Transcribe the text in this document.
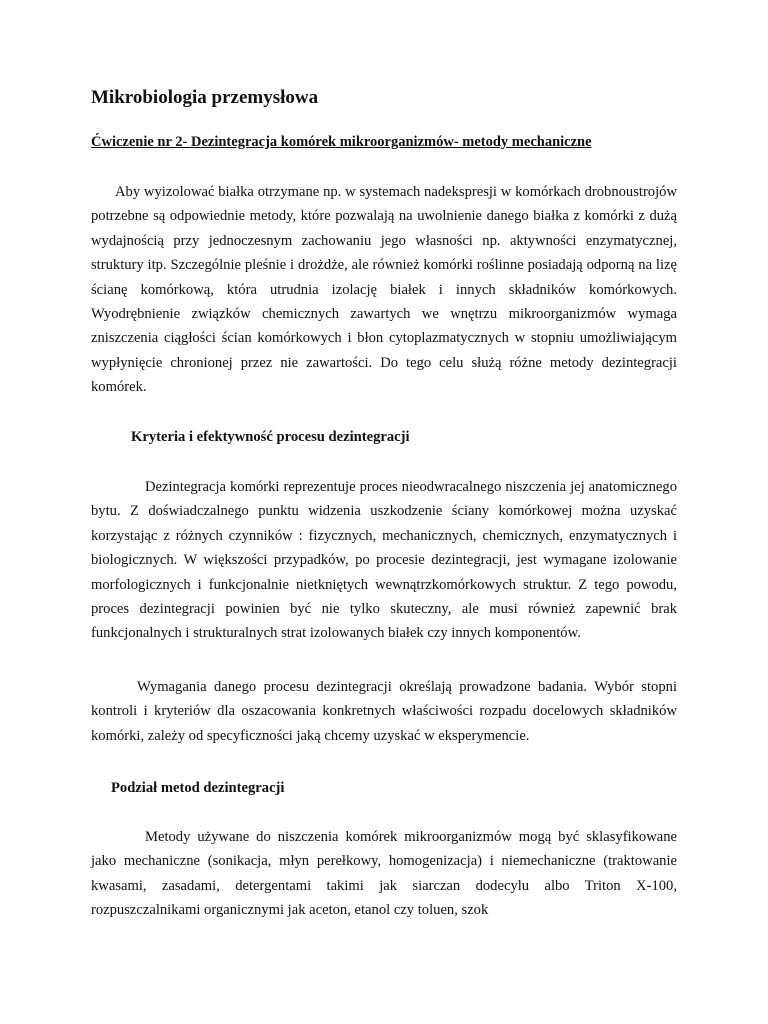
Mikrobiologia przemysłowa
Ćwiczenie nr 2- Dezintegracja komórek mikroorganizmów- metody mechaniczne

Aby wyizolować białka otrzymane np. w systemach nadekspresji w komórkach drobnoustrojów potrzebne są odpowiednie metody, które pozwalają na uwolnienie danego białka z komórki z dużą wydajnością przy jednoczesnym zachowaniu jego własności np. aktywności enzymatycznej, struktury itp. Szczególnie pleśnie i drożdże, ale również komórki roślinne posiadają odporną na lizę ścianę komórkową, która utrudnia izolację białek i innych składników komórkowych. Wyodrębnienie związków chemicznych zawartych we wnętrzu mikroorganizmów wymaga zniszczenia ciągłości ścian komórkowych i błon cytoplazmatycznych w stopniu umożliwiającym wypłynięcie chronionej przez nie zawartości. Do tego celu służą różne metody dezintegracji komórek.

Kryteria i efektywność procesu dezintegracji

Dezintegracja komórki reprezentuje proces nieodwracalnego niszczenia jej anatomicznego bytu. Z doświadczalnego punktu widzenia uszkodzenie ściany komórkowej można uzyskać korzystając z różnych czynników : fizycznych, mechanicznych, chemicznych, enzymatycznych i biologicznych. W większości przypadków, po procesie dezintegracji, jest wymagane izolowanie morfologicznych i funkcjonalnie nietkniętych wewnątrzkomórkowych struktur. Z tego powodu, proces dezintegracji powinien być nie tylko skuteczny, ale musi również zapewnić brak funkcjonalnych i strukturalnych strat izolowanych białek czy innych komponentów.

Wymagania danego procesu dezintegracji określają prowadzone badania. Wybór stopni kontroli i kryteriów dla oszacowania konkretnych właściwości rozpadu docelowych składników komórki, zależy od specyficzności jaką chcemy uzyskać w eksperymencie.

Podział metod dezintegracji

Metody używane do niszczenia komórek mikroorganizmów mogą być sklasyfikowane jako mechaniczne (sonikacja, młyn perełkowy, homogenizacja) i niemechaniczne (traktowanie kwasami, zasadami, detergentami takimi jak siarczan dodecylu albo Triton X-100, rozpuszczalnikami organicznymi jak aceton, etanol czy toluen, szok
